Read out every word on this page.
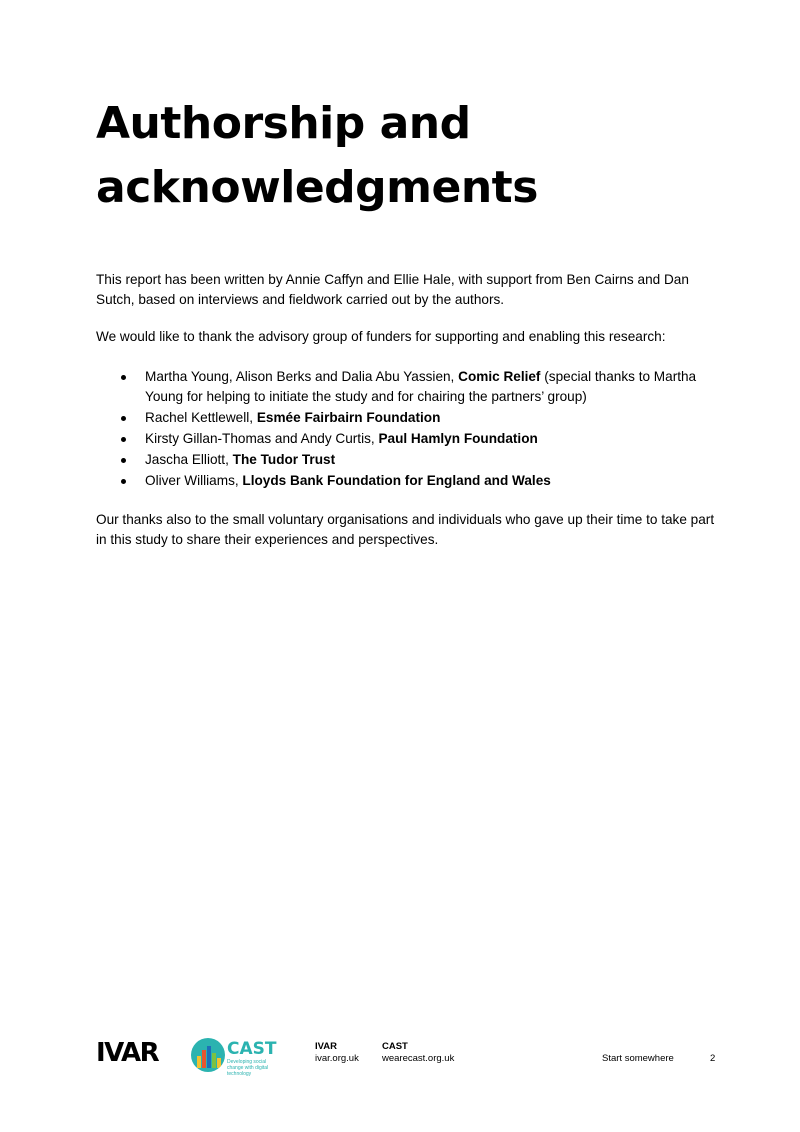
Authorship and
acknowledgments

This report has been written by Annie Caffyn and Ellie Hale, with support from Ben Cairns and Dan Sutch, based on interviews and fieldwork carried out by the authors.

We would like to thank the advisory group of funders for supporting and enabling this research:

Martha Young, Alison Berks and Dalia Abu Yassien, Comic Relief (special thanks to Martha Young for helping to initiate the study and for chairing the partners’ group)
Rachel Kettlewell, Esmée Fairbairn Foundation
Kirsty Gillan-Thomas and Andy Curtis, Paul Hamlyn Foundation
Jascha Elliott, The Tudor Trust
Oliver Williams, Lloyds Bank Foundation for England and Wales

Our thanks also to the small voluntary organisations and individuals who gave up their time to take part in this study to share their experiences and perspectives.

IVAR	CAST
Developing social change with digital technology
IVAR
ivar.org.uk
CAST
wearecast.org.uk	Start somewhere	2
